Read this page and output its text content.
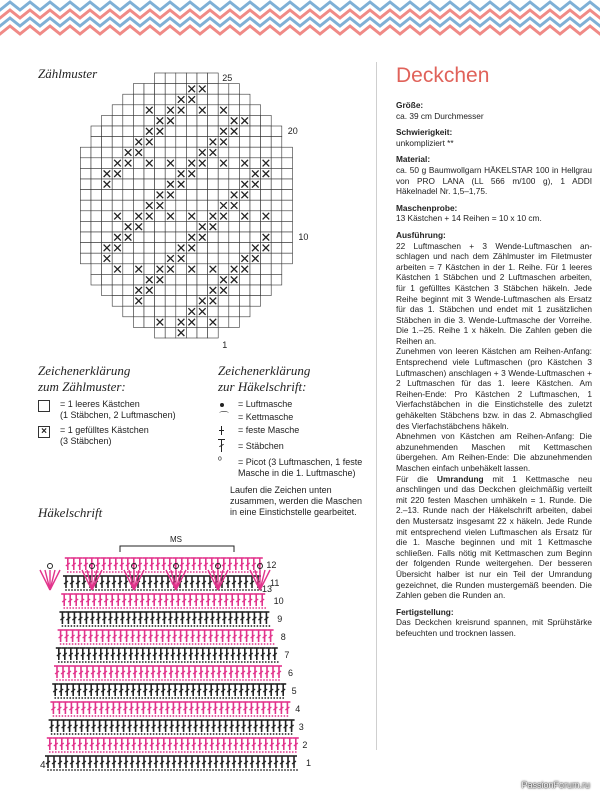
Zählmuster	25
20
10
1
Zeichenerklärung
zum Zählmuster:
= 1 leeres Kästchen
(1 Stäbchen, 2 Luftmaschen)
×	= 1 gefülltes Kästchen
(3 Stäbchen)
Zeichenerklärung
zur Häkelschrift:
= Luftmasche
⌒ = Kettmasche
= feste Masche
= Stäbchen
ᵒ = Picot (3 Luftmaschen, 1 feste
Masche in die 1. Luftmasche)
Laufen die Zeichen unten
zusammen, werden die Maschen
in eine Einstichstelle gearbeitet.
Häkelschrift
1
2
3
4
5
6
7
8
9
10
11
12
13
MS
Deckchen

Größe:
ca. 39 cm Durchmesser

Schwierigkeit:
unkompliziert **

Material:
ca. 50 g Baumwollgarn HÄKELSTAR 100 in Hellgrau von PRO LANA (LL 566 m/100 g), 1 ADDI Häkelnadel Nr. 1,5–1,75.

Maschenprobe:
13 Kästchen + 14 Reihen = 10 x 10 cm.

Ausführung:
22 Luftmaschen + 3 Wende-Luftmaschen anschlagen und nach dem Zählmuster im Filetmuster arbeiten = 7 Kästchen in der 1. Reihe. Für 1 leeres Kästchen 1 Stäbchen und 2 Luftmaschen arbeiten, für 1 gefülltes Kästchen 3 Stäbchen häkeln. Jede Reihe beginnt mit 3 Wende-Luftmaschen als Ersatz für das 1. Stäbchen und endet mit 1 zusätzlichen Stäbchen in die 3. Wende-Luftmasche der Vorreihe. Die 1.–25. Reihe 1 x häkeln. Die Zahlen geben die Reihen an.
Zunehmen von leeren Kästchen am Reihen-Anfang: Entsprechend viele Luftmaschen (pro Kästchen 3 Luftmaschen) anschlagen + 3 Wende-Luftmaschen + 2 Luftmaschen für das 1. leere Kästchen. Am Reihen-Ende: Pro Kästchen 2 Luftmaschen, 1 Vierfachstäbchen in die Einstichstelle des zuletzt gehäkelten Stäbchens bzw. in das 2. Abmaschglied des Vierfachstäbchens häkeln.
Abnehmen von Kästchen am Reihen-Anfang: Die abzunehmenden Maschen mit Kettmaschen übergehen. Am Reihen-Ende: Die abzunehmenden Maschen einfach unbehäkelt lassen.
Für die Umrandung mit 1 Kettmasche neu anschlingen und das Deckchen gleichmäßig verteilt mit 220 festen Maschen umhäkeln = 1. Runde. Die 2.–13. Runde nach der Häkelschrift arbeiten, dabei den Mustersatz insgesamt 22 x häkeln. Jede Runde mit entsprechend vielen Luftmaschen als Ersatz für die 1. Masche beginnen und mit 1 Kettmasche schließen. Falls nötig mit Kettmaschen zum Beginn der folgenden Runde weitergehen. Der besseren Übersicht halber ist nur ein Teil der Umrandung gezeichnet, die Runden mustergemäß beenden. Die Zahlen geben die Runden an.

Fertigstellung:
Das Deckchen kreisrund spannen, mit Sprühstärke befeuchten und trocknen lassen.

4
PassionForum.ru
